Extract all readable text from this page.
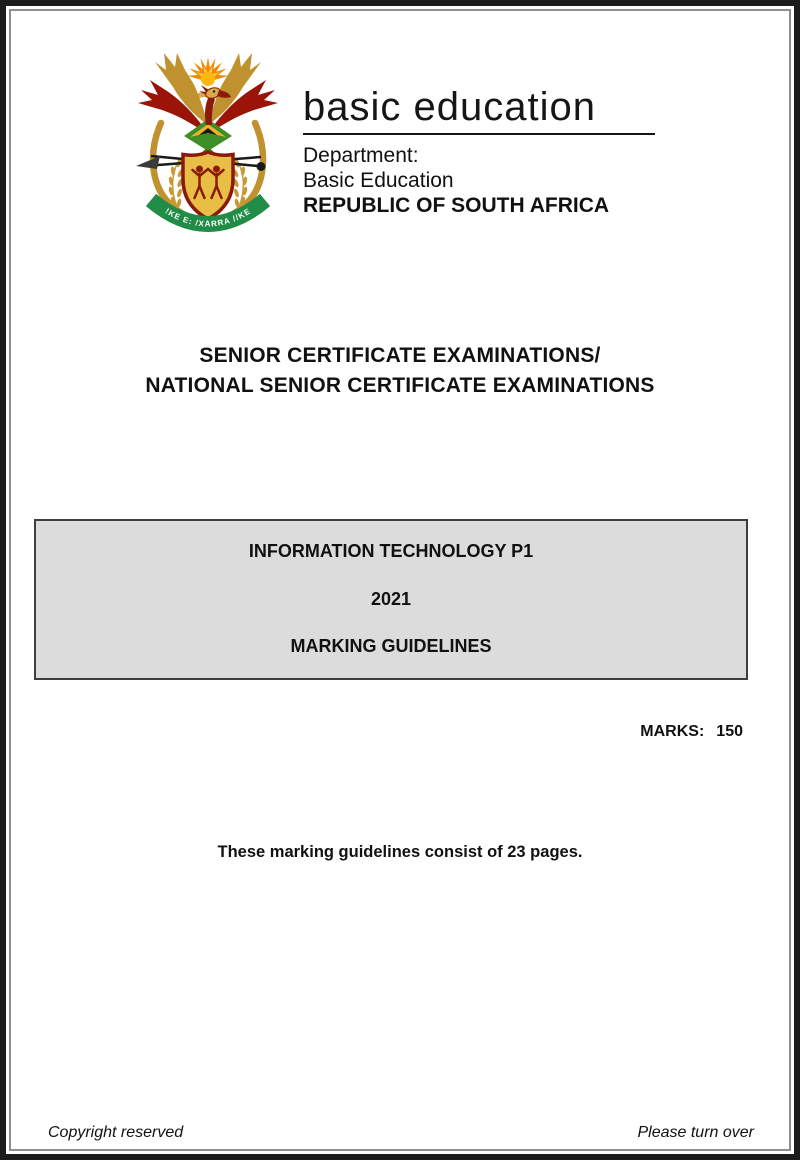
!KE E: /XARRA //KE
basic education
Department:
Basic Education
REPUBLIC OF SOUTH AFRICA
SENIOR CERTIFICATE EXAMINATIONS/
NATIONAL SENIOR CERTIFICATE EXAMINATIONS
INFORMATION TECHNOLOGY P1
2021
MARKING GUIDELINES
MARKS: 150
These marking guidelines consist of 23 pages.
Copyright reserved	Please turn over
